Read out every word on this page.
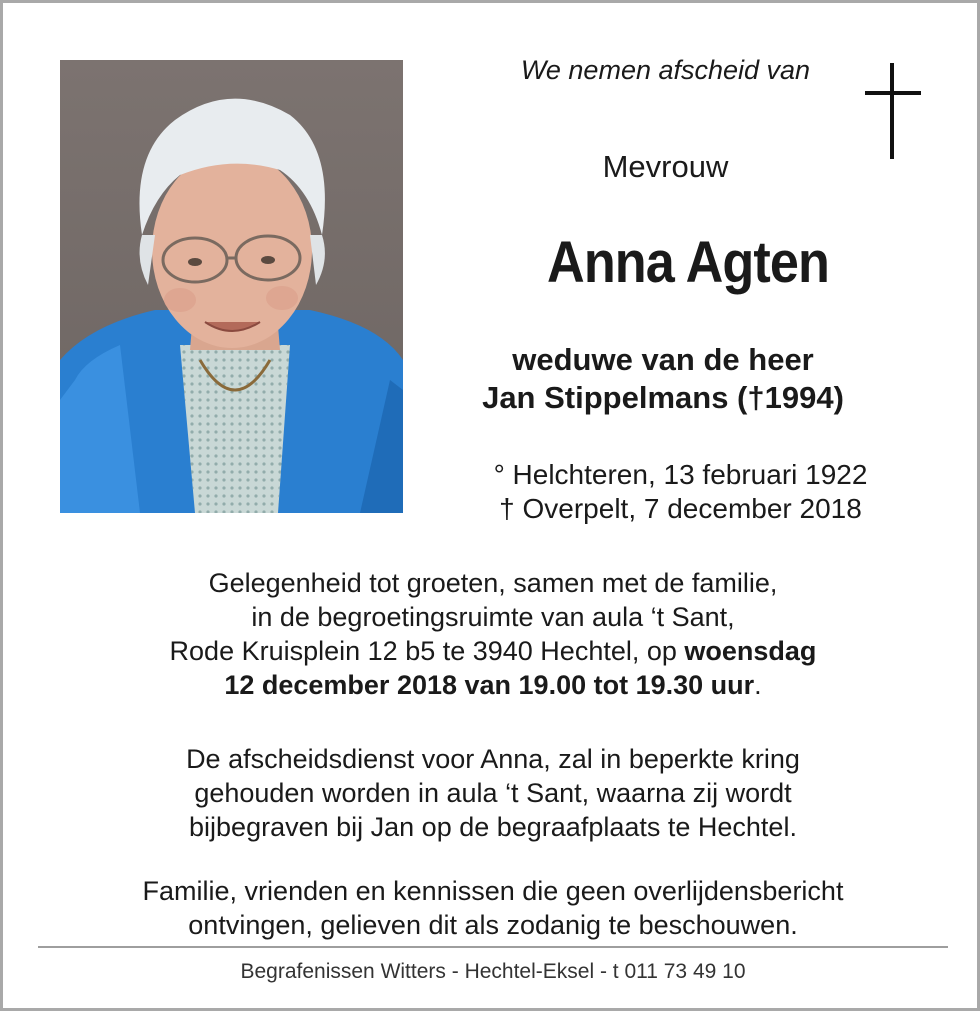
We nemen afscheid van
Mevrouw
Anna Agten
weduwe van de heer
Jan Stippelmans (†1994)
° Helchteren, 13 februari 1922
† Overpelt, 7 december 2018
Gelegenheid tot groeten, samen met de familie,
in de begroetingsruimte van aula ‘t Sant,
Rode Kruisplein 12 b5 te 3940 Hechtel, op woensdag
12 december 2018 van 19.00 tot 19.30 uur.
De afscheidsdienst voor Anna, zal in beperkte kring
gehouden worden in aula ‘t Sant, waarna zij wordt
bijbegraven bij Jan op de begraafplaats te Hechtel.
Familie, vrienden en kennissen die geen overlijdensbericht
ontvingen, gelieven dit als zodanig te beschouwen.
Begrafenissen Witters - Hechtel-Eksel - t 011 73 49 10
